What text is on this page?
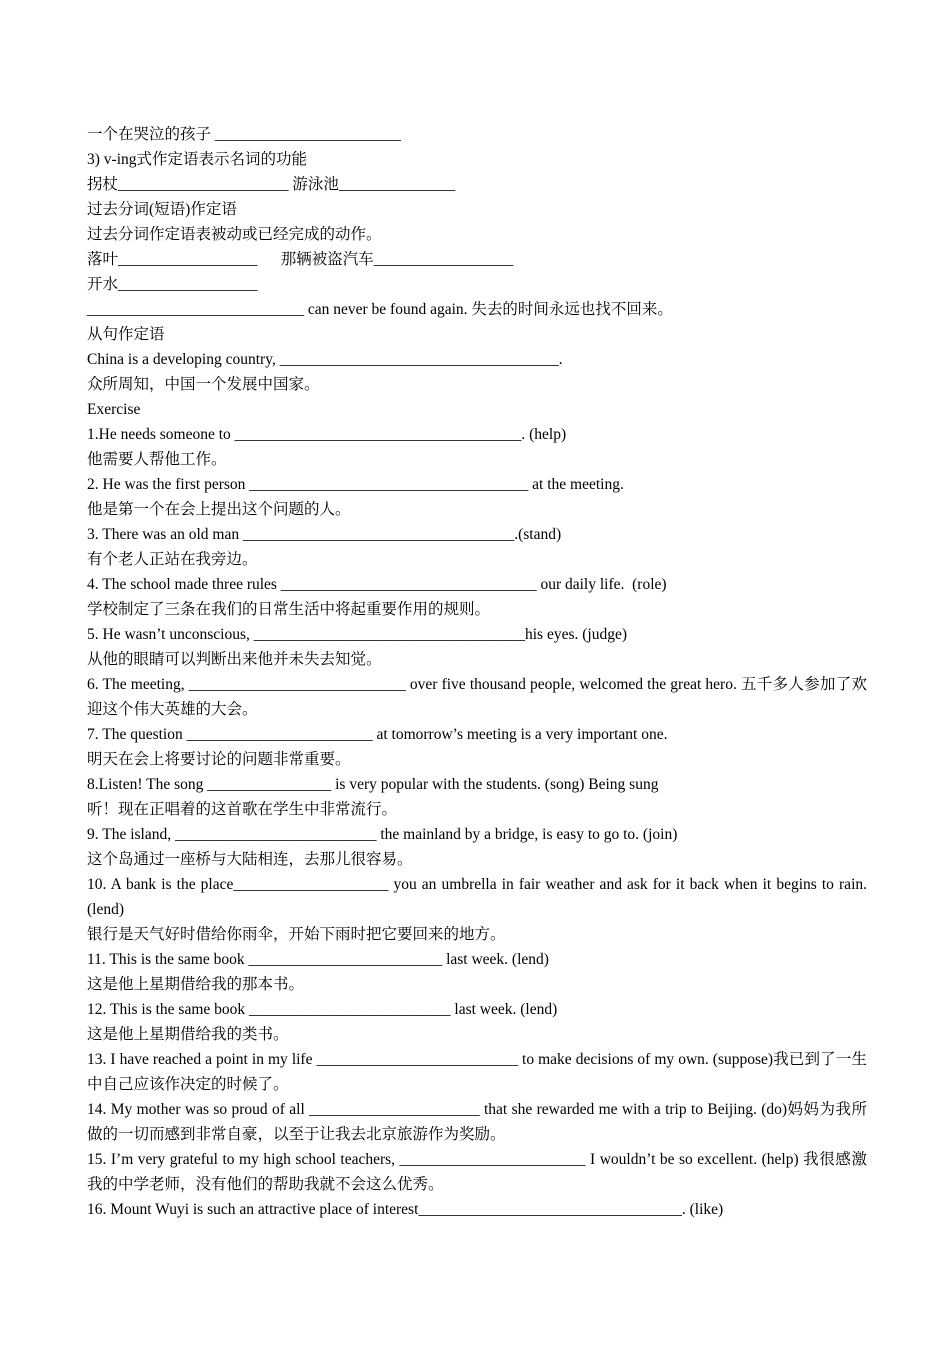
一个在哭泣的孩子 ________________________

3) v-ing式作定语表示名词的功能

拐杖______________________ 游泳池_______________

过去分词(短语)作定语

过去分词作定语表被动或已经完成的动作。

落叶__________________      那辆被盗汽车__________________

开水__________________

____________________________ can never be found again. 失去的时间永远也找不回来。

从句作定语

China is a developing country, ____________________________________.

众所周知，中国一个发展中国家。

Exercise

1.He needs someone to _____________________________________. (help)

他需要人帮他工作。

2. He was the first person ____________________________________ at the meeting.

他是第一个在会上提出这个问题的人。

3. There was an old man ___________________________________.(stand)

有个老人正站在我旁边。

4. The school made three rules _________________________________ our daily life.  (role)

学校制定了三条在我们的日常生活中将起重要作用的规则。

5. He wasn’t unconscious, ___________________________________his eyes. (judge)

从他的眼睛可以判断出来他并未失去知觉。

6. The meeting, ____________________________ over five thousand people, welcomed the great hero. 五千多人参加了欢迎这个伟大英雄的大会。

7. The question ________________________ at tomorrow’s meeting is a very important one.

明天在会上将要讨论的问题非常重要。

8.Listen! The song ________________ is very popular with the students. (song) Being sung

听！现在正唱着的这首歌在学生中非常流行。

9. The island, __________________________ the mainland by a bridge, is easy to go to. (join)

这个岛通过一座桥与大陆相连，去那儿很容易。

10. A bank is the place____________________ you an umbrella in fair weather and ask for it back when it begins to rain.  (lend)

银行是天气好时借给你雨伞，开始下雨时把它要回来的地方。

11. This is the same book _________________________ last week. (lend)

这是他上星期借给我的那本书。

12. This is the same book __________________________ last week. (lend)

这是他上星期借给我的类书。

13. I have reached a point in my life __________________________ to make decisions of my own. (suppose)我已到了一生中自己应该作决定的时候了。

14. My mother was so proud of all ______________________ that she rewarded me with a trip to Beijing. (do)妈妈为我所做的一切而感到非常自豪，以至于让我去北京旅游作为奖励。

15. I’m very grateful to my high school teachers, ________________________ I wouldn’t be so excellent. (help) 我很感激我的中学老师，没有他们的帮助我就不会这么优秀。

16. Mount Wuyi is such an attractive place of interest__________________________________. (like)
